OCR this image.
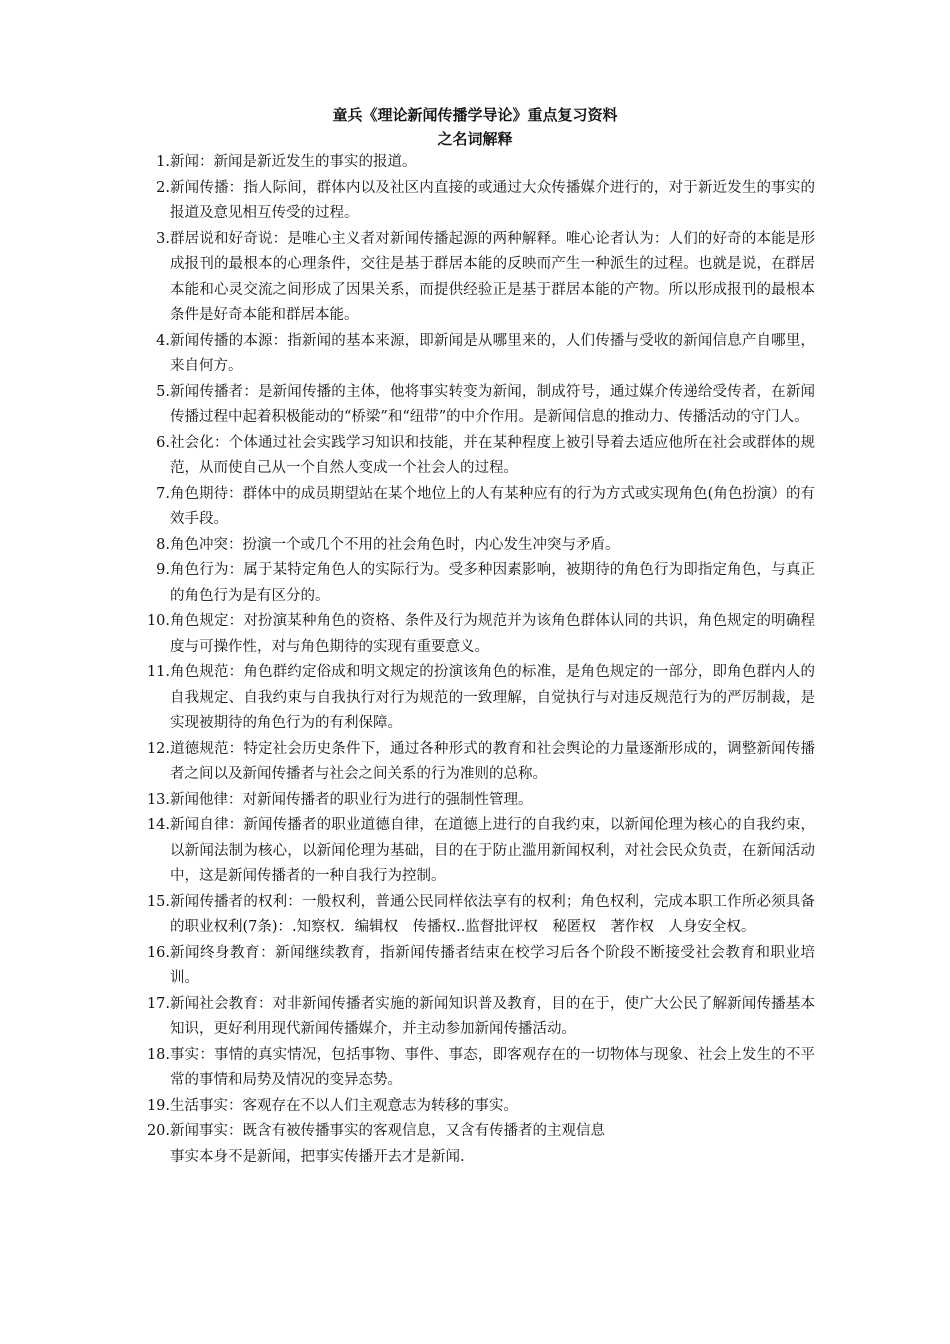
童兵《理论新闻传播学导论》重点复习资料
之名词解释
1. 新闻：新闻是新近发生的事实的报道。
2. 新闻传播：指人际间，群体内以及社区内直接的或通过大众传播媒介进行的，对于新近发生的事实的报道及意见相互传受的过程。
3. 群居说和好奇说：是唯心主义者对新闻传播起源的两种解释。唯心论者认为：人们的好奇的本能是形成报刊的最根本的心理条件，交往是基于群居本能的反映而产生一种派生的过程。也就是说，在群居本能和心灵交流之间形成了因果关系，而提供经验正是基于群居本能的产物。所以形成报刊的最根本条件是好奇本能和群居本能。
4. 新闻传播的本源：指新闻的基本来源，即新闻是从哪里来的，人们传播与受收的新闻信息产自哪里，来自何方。
5. 新闻传播者：是新闻传播的主体，他将事实转变为新闻，制成符号，通过媒介传递给受传者，在新闻传播过程中起着积极能动的“桥梁”和“纽带”的中介作用。是新闻信息的推动力、传播活动的守门人。
6. 社会化：个体通过社会实践学习知识和技能，并在某种程度上被引导着去适应他所在社会或群体的规范，从而使自己从一个自然人变成一个社会人的过程。
7. 角色期待：群体中的成员期望站在某个地位上的人有某种应有的行为方式或实现角色(角色扮演）的有效手段。
8. 角色冲突：扮演一个或几个不用的社会角色时，内心发生冲突与矛盾。
9. 角色行为：属于某特定角色人的实际行为。受多种因素影响，被期待的角色行为即指定角色，与真正的角色行为是有区分的。
10. 角色规定：对扮演某种角色的资格、条件及行为规范并为该角色群体认同的共识，角色规定的明确程度与可操作性，对与角色期待的实现有重要意义。
11. 角色规范：角色群约定俗成和明文规定的扮演该角色的标准，是角色规定的一部分，即角色群内人的自我规定、自我约束与自我执行对行为规范的一致理解，自觉执行与对违反规范行为的严厉制裁，是实现被期待的角色行为的有利保障。
12. 道德规范：特定社会历史条件下，通过各种形式的教育和社会舆论的力量逐渐形成的，调整新闻传播者之间以及新闻传播者与社会之间关系的行为准则的总称。
13. 新闻他律：对新闻传播者的职业行为进行的强制性管理。
14. 新闻自律：新闻传播者的职业道德自律，在道德上进行的自我约束，以新闻伦理为核心的自我约束，以新闻法制为核心，以新闻伦理为基础，目的在于防止滥用新闻权利，对社会民众负责，在新闻活动中，这是新闻传播者的一种自我行为控制。
15. 新闻传播者的权利：一般权利，普通公民同样依法享有的权利；角色权利，完成本职工作所必须具备的职业权利(7条)：.知察权．编辑权　传播权..监督批评权　秘匿权　著作权　人身安全权。
16. 新闻终身教育：新闻继续教育，指新闻传播者结束在校学习后各个阶段不断接受社会教育和职业培训。
17. 新闻社会教育：对非新闻传播者实施的新闻知识普及教育，目的在于，使广大公民了解新闻传播基本知识，更好利用现代新闻传播媒介，并主动参加新闻传播活动。
18. 事实：事情的真实情况，包括事物、事件、事态，即客观存在的一切物体与现象、社会上发生的不平常的事情和局势及情况的变异态势。
19. 生活事实：客观存在不以人们主观意志为转移的事实。
20. 新闻事实：既含有被传播事实的客观信息，又含有传播者的主观信息
事实本身不是新闻，把事实传播开去才是新闻.
